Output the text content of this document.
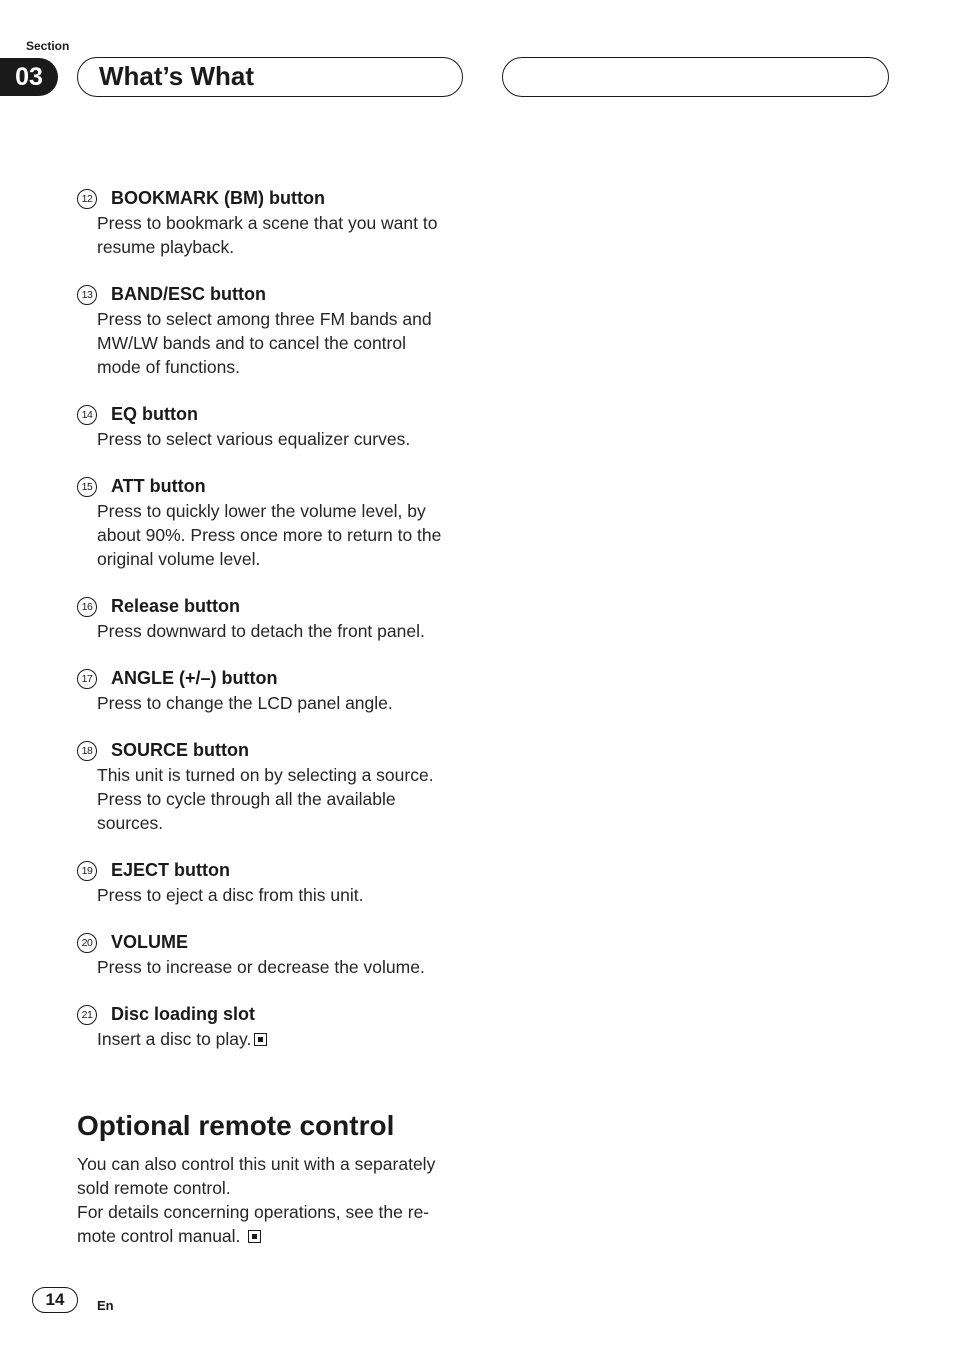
Section
03	What’s What
12 BOOKMARK (BM) button
Press to bookmark a scene that you want to
resume playback.
13 BAND/ESC button
Press to select among three FM bands and
MW/LW bands and to cancel the control
mode of functions.
14 EQ button
Press to select various equalizer curves.
15 ATT button
Press to quickly lower the volume level, by
about 90%. Press once more to return to the
original volume level.
16 Release button
Press downward to detach the front panel.
17 ANGLE (+/–) button
Press to change the LCD panel angle.
18 SOURCE button
This unit is turned on by selecting a source.
Press to cycle through all the available
sources.
19 EJECT button
Press to eject a disc from this unit.
20 VOLUME
Press to increase or decrease the volume.
21 Disc loading slot
Insert a disc to play.
Optional remote control

You can also control this unit with a separately
sold remote control.

For details concerning operations, see the re-
mote control manual.

14	En
